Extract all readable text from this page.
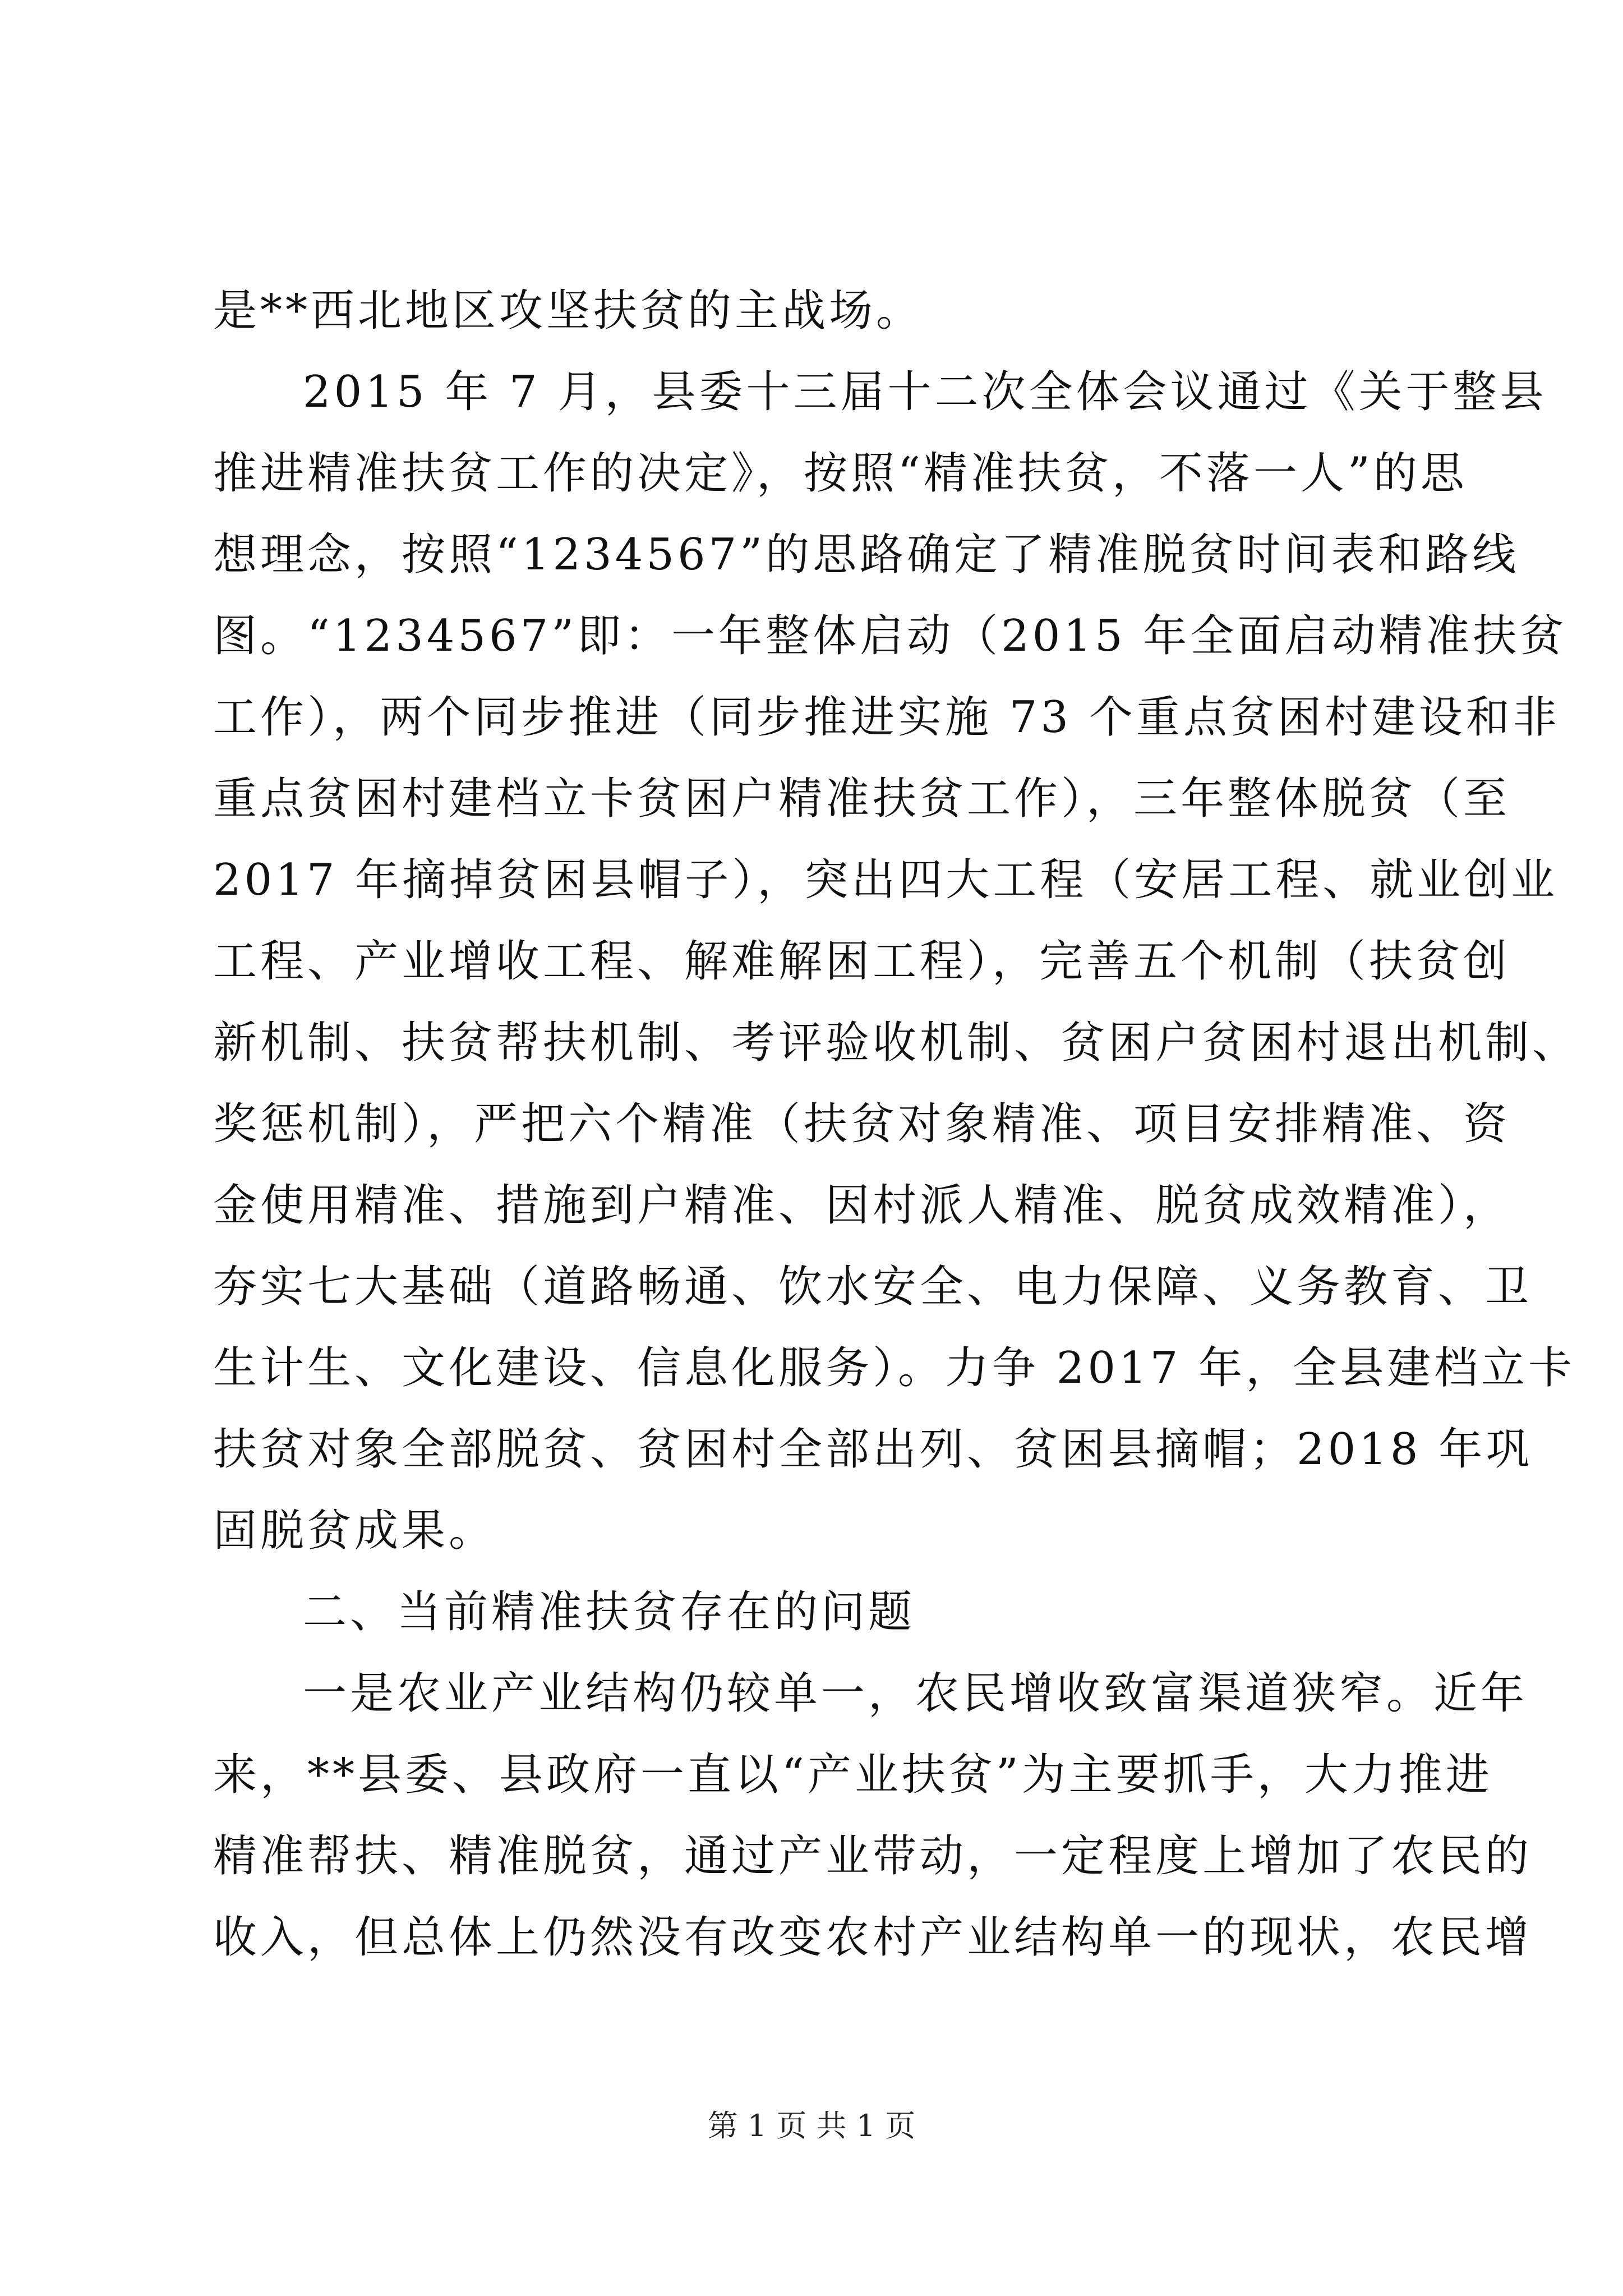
是**西北地区攻坚扶贫的主战场。
2015 年 7 月，县委十三届十二次全体会议通过《关于整县
推进精准扶贫工作的决定》，按照“精准扶贫，不落一人”的思
想理念，按照“1234567”的思路确定了精准脱贫时间表和路线
图。“1234567”即：一年整体启动（2015 年全面启动精准扶贫
工作），两个同步推进（同步推进实施 73 个重点贫困村建设和非
重点贫困村建档立卡贫困户精准扶贫工作），三年整体脱贫（至
2017 年摘掉贫困县帽子），突出四大工程（安居工程、就业创业
工程、产业增收工程、解难解困工程），完善五个机制（扶贫创
新机制、扶贫帮扶机制、考评验收机制、贫困户贫困村退出机制、
奖惩机制），严把六个精准（扶贫对象精准、项目安排精准、资
金使用精准、措施到户精准、因村派人精准、脱贫成效精准），
夯实七大基础（道路畅通、饮水安全、电力保障、义务教育、卫
生计生、文化建设、信息化服务）。力争 2017 年，全县建档立卡
扶贫对象全部脱贫、贫困村全部出列、贫困县摘帽；2018 年巩
固脱贫成果。
二、当前精准扶贫存在的问题
一是农业产业结构仍较单一，农民增收致富渠道狭窄。近年
来，**县委、县政府一直以“产业扶贫”为主要抓手，大力推进
精准帮扶、精准脱贫，通过产业带动，一定程度上增加了农民的
收入，但总体上仍然没有改变农村产业结构单一的现状，农民增
第 1 页 共 1 页
